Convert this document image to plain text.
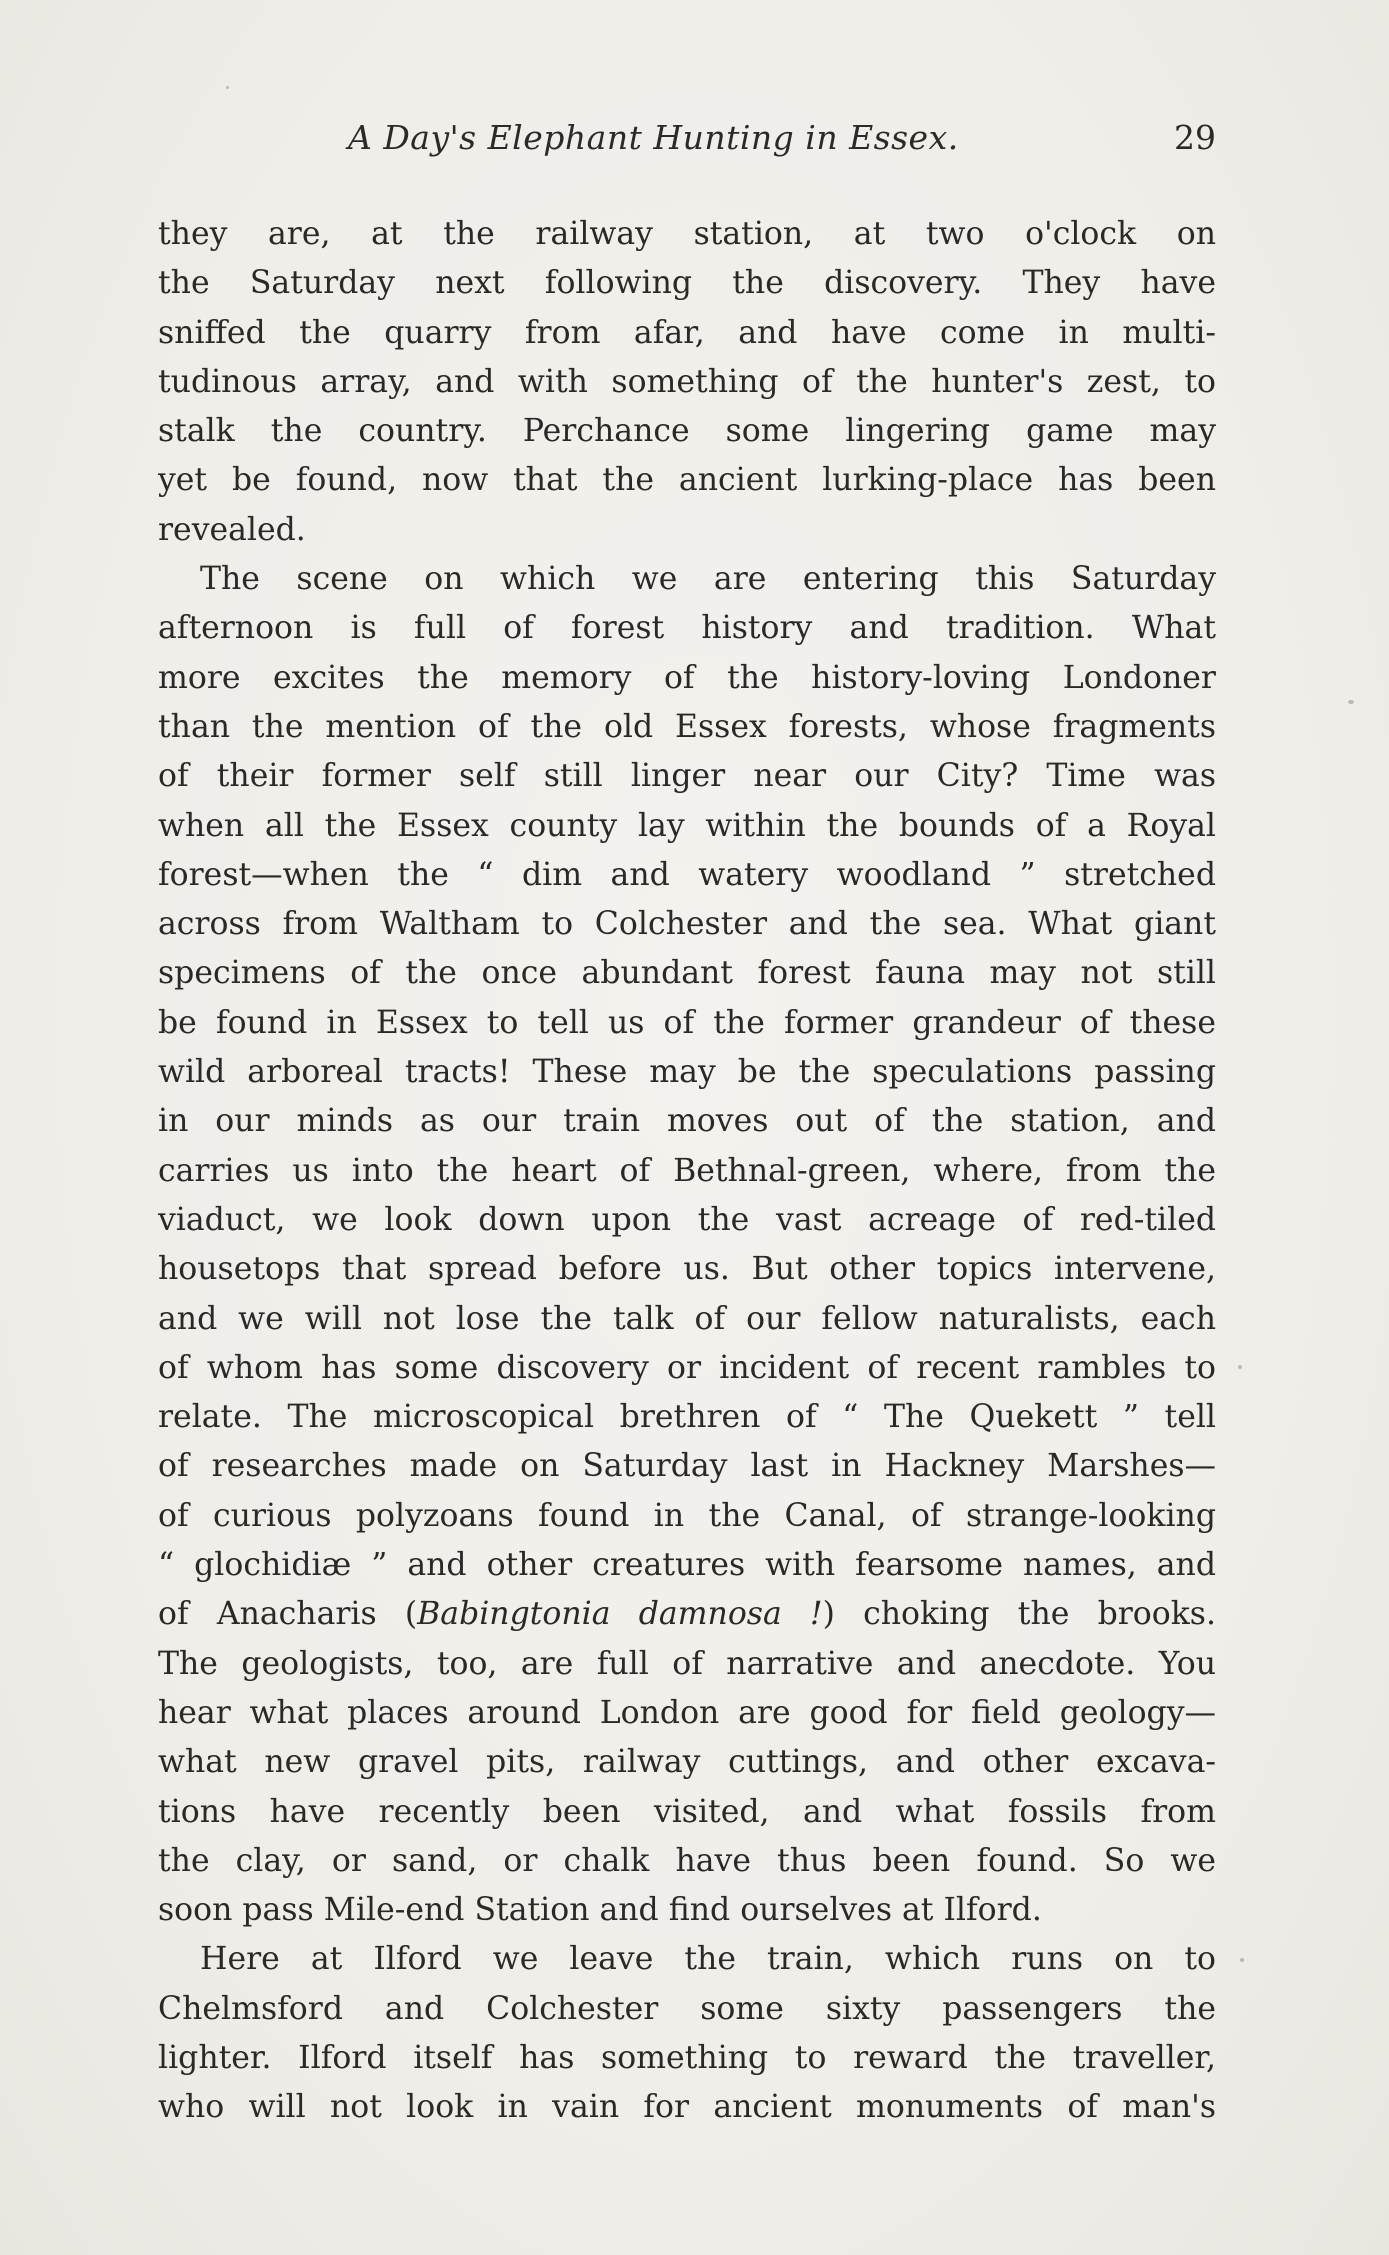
A Day's Elephant Hunting in Essex.	29
they are, at the railway station, at two o'clock on
the Saturday next following the discovery. They have
sniffed the quarry from afar, and have come in multi-
tudinous array, and with something of the hunter's zest, to
stalk the country. Perchance some lingering game may
yet be found, now that the ancient lurking-place has been
revealed.
The scene on which we are entering this Saturday
afternoon is full of forest history and tradition. What
more excites the memory of the history-loving Londoner
than the mention of the old Essex forests, whose fragments
of their former self still linger near our City? Time was
when all the Essex county lay within the bounds of a Royal
forest—when the “ dim and watery woodland ” stretched
across from Waltham to Colchester and the sea. What giant
specimens of the once abundant forest fauna may not still
be found in Essex to tell us of the former grandeur of these
wild arboreal tracts! These may be the speculations passing
in our minds as our train moves out of the station, and
carries us into the heart of Bethnal-green, where, from the
viaduct, we look down upon the vast acreage of red-tiled
housetops that spread before us. But other topics intervene,
and we will not lose the talk of our fellow naturalists, each
of whom has some discovery or incident of recent rambles to
relate. The microscopical brethren of “ The Quekett ” tell
of researches made on Saturday last in Hackney Marshes—
of curious polyzoans found in the Canal, of strange-looking
“ glochidiæ ” and other creatures with fearsome names, and
of Anacharis (Babingtonia damnosa !) choking the brooks.
The geologists, too, are full of narrative and anecdote. You
hear what places around London are good for field geology—
what new gravel pits, railway cuttings, and other excava-
tions have recently been visited, and what fossils from
the clay, or sand, or chalk have thus been found. So we
soon pass Mile-end Station and find ourselves at Ilford.
Here at Ilford we leave the train, which runs on to
Chelmsford and Colchester some sixty passengers the
lighter. Ilford itself has something to reward the traveller,
who will not look in vain for ancient monuments of man's
